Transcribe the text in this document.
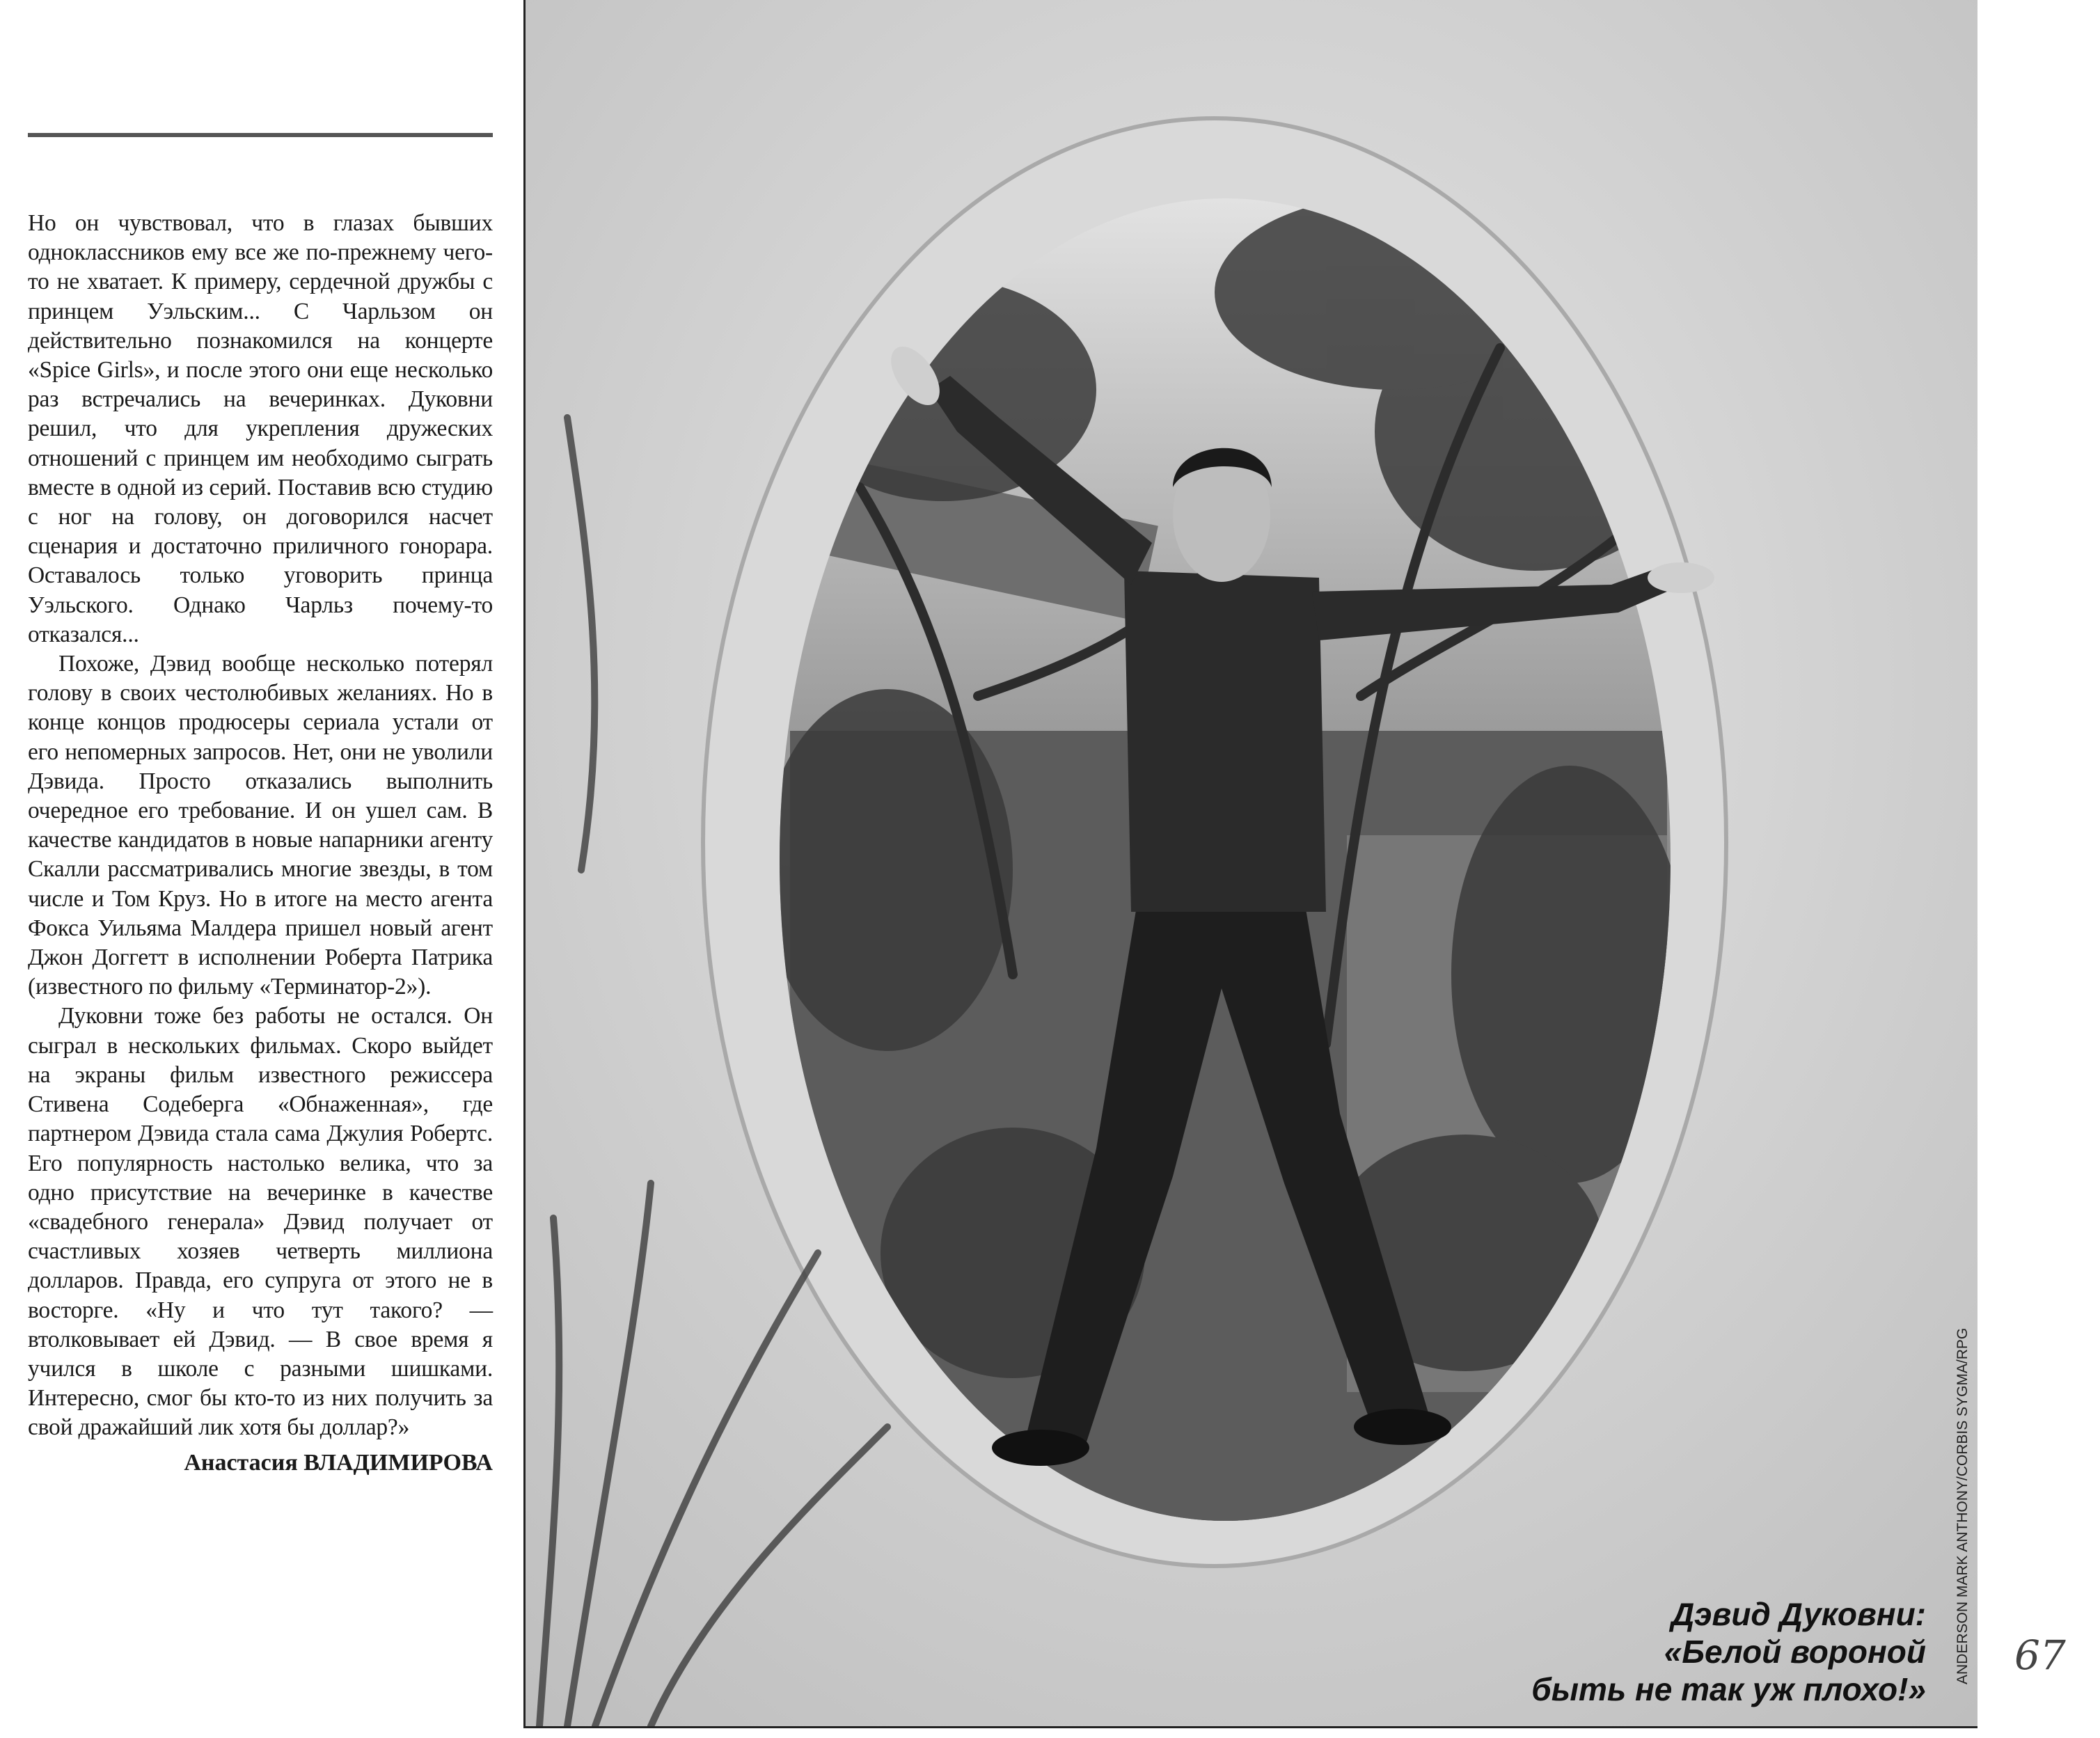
Но он чувствовал, что в глазах бывших одноклассников ему все же по-прежнему чего-то не хватает. К примеру, сердечной дружбы с принцем Уэльским... С Чарльзом он действительно познакомился на концерте «Spice Girls», и после этого они еще несколько раз встречались на вечеринках. Дуковни решил, что для укрепления дружеских отношений с принцем им необходимо сыграть вместе в одной из серий. Поставив всю студию с ног на голову, он договорился насчет сценария и достаточно приличного гонорара. Оставалось только уговорить принца Уэльского. Однако Чарльз почему-то отказался...

Похоже, Дэвид вообще несколько потерял голову в своих честолюбивых желаниях. Но в конце концов продюсеры сериала устали от его непомерных запросов. Нет, они не уволили Дэвида. Просто отказались выполнить очередное его требование. И он ушел сам. В качестве кандидатов в новые напарники агенту Скалли рассматривались многие звезды, в том числе и Том Круз. Но в итоге на место агента Фокса Уильяма Малдера пришел новый агент Джон Доггетт в исполнении Роберта Патрика (известного по фильму «Терминатор-2»).

Дуковни тоже без работы не остался. Он сыграл в нескольких фильмах. Скоро выйдет на экраны фильм известного режиссера Стивена Содеберга «Обнаженная», где партнером Дэвида стала сама Джулия Робертс. Его популярность настолько велика, что за одно присутствие на вечеринке в качестве «свадебного генерала» Дэвид получает от счастливых хозяев четверть миллиона долларов. Правда, его супруга от этого не в восторге. «Ну и что тут такого? — втолковывает ей Дэвид. — В свое время я учился в школе с разными шишками. Интересно, смог бы кто-то из них получить за свой дражайший лик хотя бы доллар?»

Анастасия ВЛАДИМИРОВА

Дэвид Дуковни:
«Белой вороной
быть не так уж плохо!»
ANDERSON MARK ANTHONY/CORBIS SYGMA/RPG 67
